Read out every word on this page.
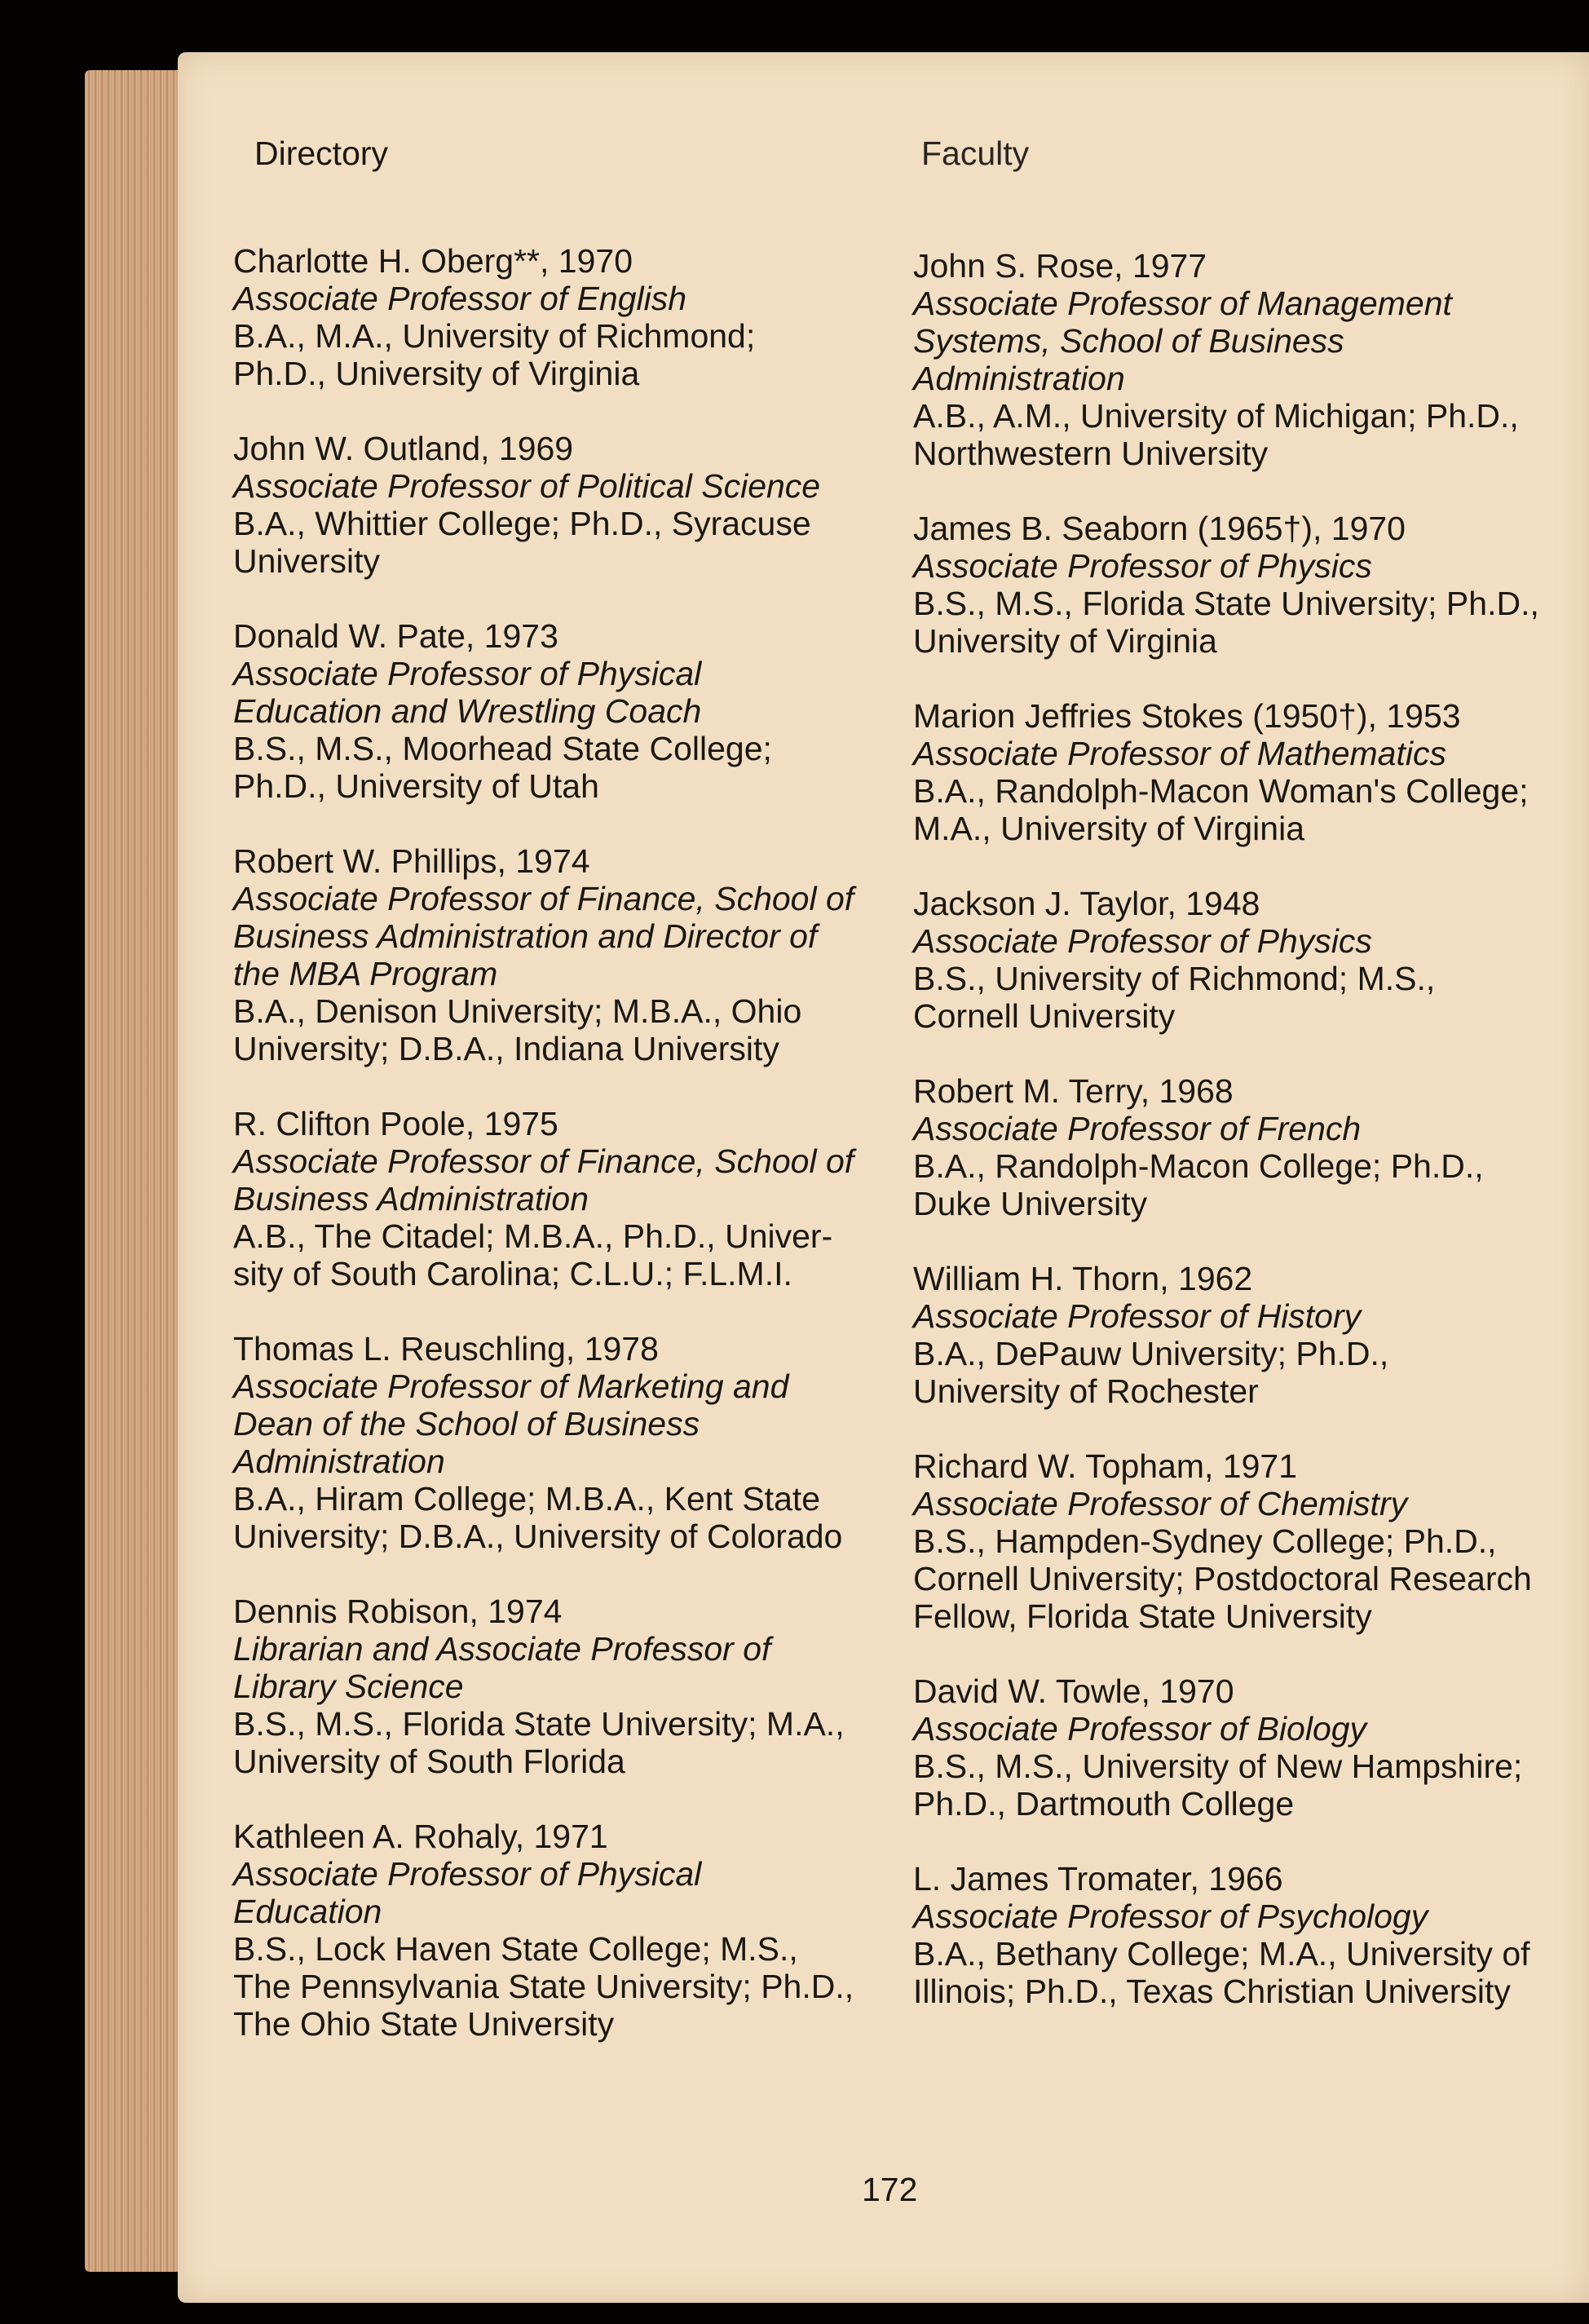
Directory	Faculty
Charlotte H. Oberg**, 1970
Associate Professor of English
B.A., M.A., University of Richmond;
Ph.D., University of Virginia
John W. Outland, 1969
Associate Professor of Political Science
B.A., Whittier College; Ph.D., Syracuse
University
Donald W. Pate, 1973
Associate Professor of Physical
Education and Wrestling Coach
B.S., M.S., Moorhead State College;
Ph.D., University of Utah
Robert W. Phillips, 1974
Associate Professor of Finance, School of
Business Administration and Director of
the MBA Program
B.A., Denison University; M.B.A., Ohio
University; D.B.A., Indiana University
R. Clifton Poole, 1975
Associate Professor of Finance, School of
Business Administration
A.B., The Citadel; M.B.A., Ph.D., Univer-
sity of South Carolina; C.L.U.; F.L.M.I.
Thomas L. Reuschling, 1978
Associate Professor of Marketing and
Dean of the School of Business
Administration
B.A., Hiram College; M.B.A., Kent State
University; D.B.A., University of Colorado
Dennis Robison, 1974
Librarian and Associate Professor of
Library Science
B.S., M.S., Florida State University; M.A.,
University of South Florida
Kathleen A. Rohaly, 1971
Associate Professor of Physical
Education
B.S., Lock Haven State College; M.S.,
The Pennsylvania State University; Ph.D.,
The Ohio State University
John S. Rose, 1977
Associate Professor of Management
Systems, School of Business
Administration
A.B., A.M., University of Michigan; Ph.D.,
Northwestern University
James B. Seaborn (1965†), 1970
Associate Professor of Physics
B.S., M.S., Florida State University; Ph.D.,
University of Virginia
Marion Jeffries Stokes (1950†), 1953
Associate Professor of Mathematics
B.A., Randolph-Macon Woman's College;
M.A., University of Virginia
Jackson J. Taylor, 1948
Associate Professor of Physics
B.S., University of Richmond; M.S.,
Cornell University
Robert M. Terry, 1968
Associate Professor of French
B.A., Randolph-Macon College; Ph.D.,
Duke University
William H. Thorn, 1962
Associate Professor of History
B.A., DePauw University; Ph.D.,
University of Rochester
Richard W. Topham, 1971
Associate Professor of Chemistry
B.S., Hampden-Sydney College; Ph.D.,
Cornell University; Postdoctoral Research
Fellow, Florida State University
David W. Towle, 1970
Associate Professor of Biology
B.S., M.S., University of New Hampshire;
Ph.D., Dartmouth College
L. James Tromater, 1966
Associate Professor of Psychology
B.A., Bethany College; M.A., University of
Illinois; Ph.D., Texas Christian University
172
